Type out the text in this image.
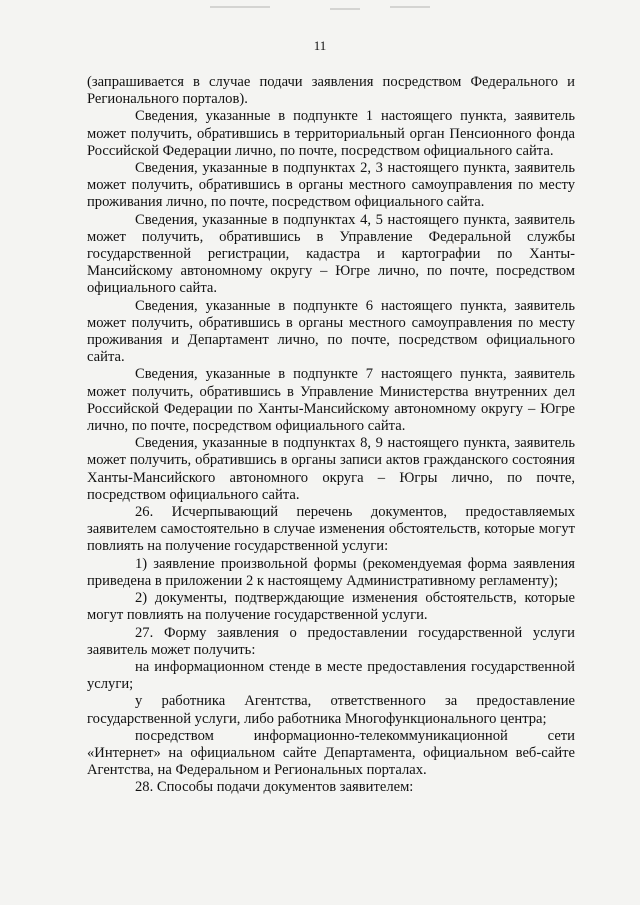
11

(запрашивается в случае подачи заявления посредством Федерального и Регионального порталов).

Сведения, указанные в подпункте 1 настоящего пункта, заявитель может получить, обратившись в территориальный орган Пенсионного фонда Российской Федерации лично, по почте, посредством официального сайта.

Сведения, указанные в подпунктах 2, 3 настоящего пункта, заявитель может получить, обратившись в органы местного самоуправления по месту проживания лично, по почте, посредством официального сайта.

Сведения, указанные в подпунктах 4, 5 настоящего пункта, заявитель может получить, обратившись в Управление Федеральной службы государственной регистрации, кадастра и картографии по Ханты-Мансийскому автономному округу – Югре лично, по почте, посредством официального сайта.

Сведения, указанные в подпункте 6 настоящего пункта, заявитель может получить, обратившись в органы местного самоуправления по месту проживания и Департамент лично, по почте, посредством официального сайта.

Сведения, указанные в подпункте 7 настоящего пункта, заявитель может получить, обратившись в Управление Министерства внутренних дел Российской Федерации по Ханты-Мансийскому автономному округу – Югре лично, по почте, посредством официального сайта.

Сведения, указанные в подпунктах 8, 9 настоящего пункта, заявитель может получить, обратившись в органы записи актов гражданского состояния Ханты-Мансийского автономного округа – Югры лично, по почте, посредством официального сайта.

26. Исчерпывающий перечень документов, предоставляемых заявителем самостоятельно в случае изменения обстоятельств, которые могут повлиять на получение государственной услуги:

1) заявление произвольной формы (рекомендуемая форма заявления приведена в приложении 2 к настоящему Административному регламенту);

2) документы, подтверждающие изменения обстоятельств, которые могут повлиять на получение государственной услуги.

27. Форму заявления о предоставлении государственной услуги заявитель может получить:

на информационном стенде в месте предоставления государственной услуги;

у работника Агентства, ответственного за предоставление государственной услуги, либо работника Многофункционального центра;

посредством информационно-телекоммуникационной сети «Интернет» на официальном сайте Департамента, официальном веб-сайте Агентства, на Федеральном и Региональных порталах.

28. Способы подачи документов заявителем:
